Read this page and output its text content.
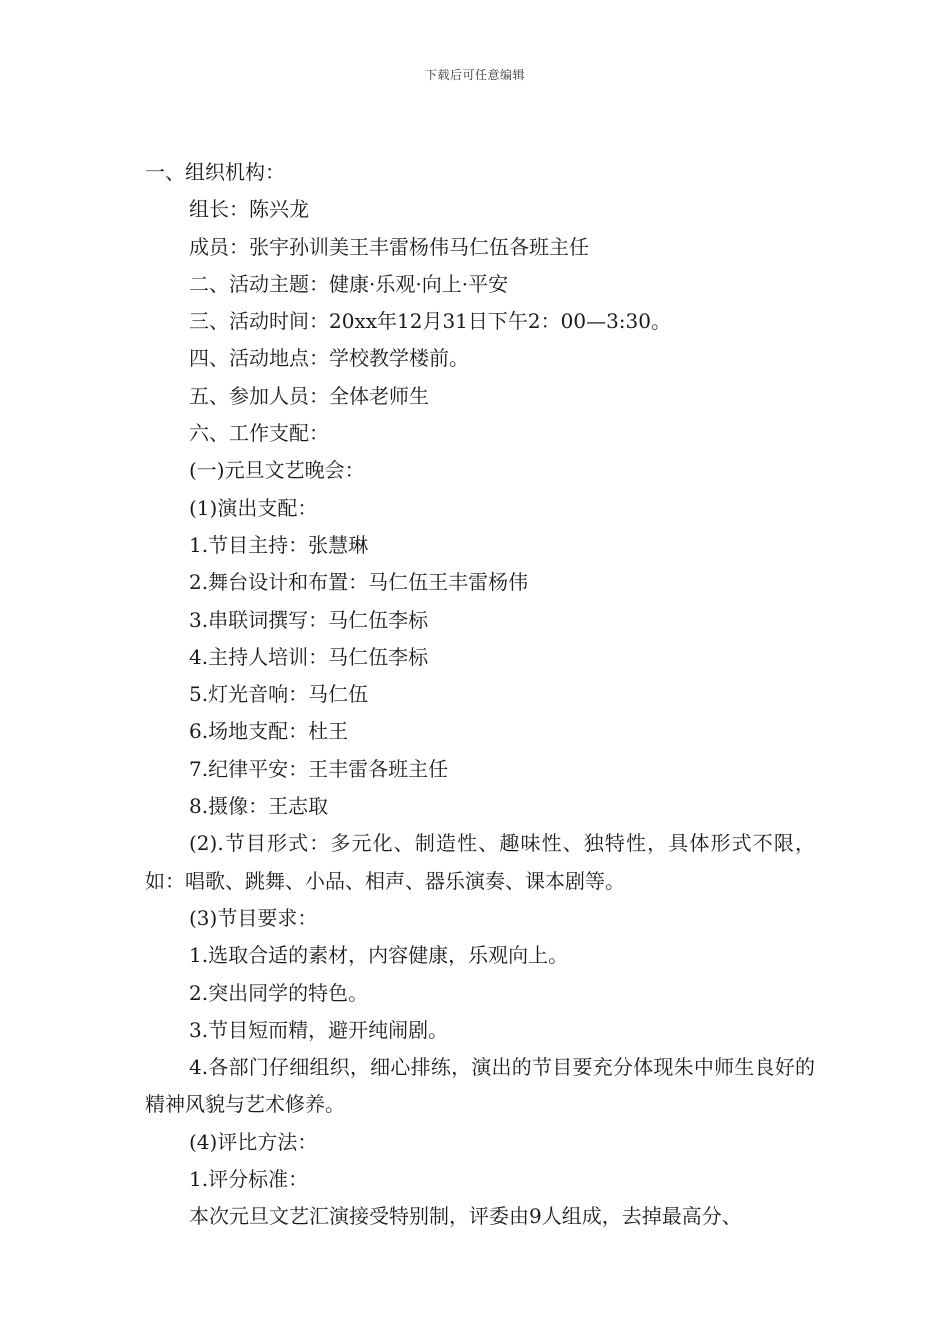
下载后可任意编辑

一、组织机构：

组长：陈兴龙

成员：张宇孙训美王丰雷杨伟马仁伍各班主任

二、活动主题：健康·乐观·向上·平安

三、活动时间：20xx年12月31日下午2：00—3:30。

四、活动地点：学校教学楼前。

五、参加人员：全体老师生

六、工作支配：

(一)元旦文艺晚会：

(1)演出支配：

1.节目主持：张慧琳

2.舞台设计和布置：马仁伍王丰雷杨伟

3.串联词撰写：马仁伍李标

4.主持人培训：马仁伍李标

5.灯光音响：马仁伍

6.场地支配：杜王

7.纪律平安：王丰雷各班主任

8.摄像：王志取

(2).节目形式：多元化、制造性、趣味性、独特性，具体形式不限，如：唱歌、跳舞、小品、相声、器乐演奏、课本剧等。

(3)节目要求：

1.选取合适的素材，内容健康，乐观向上。

2.突出同学的特色。

3.节目短而精，避开纯闹剧。

4.各部门仔细组织，细心排练，演出的节目要充分体现朱中师生良好的精神风貌与艺术修养。

(4)评比方法：

1.评分标准：

本次元旦文艺汇演接受特别制，评委由9人组成，去掉最高分、
